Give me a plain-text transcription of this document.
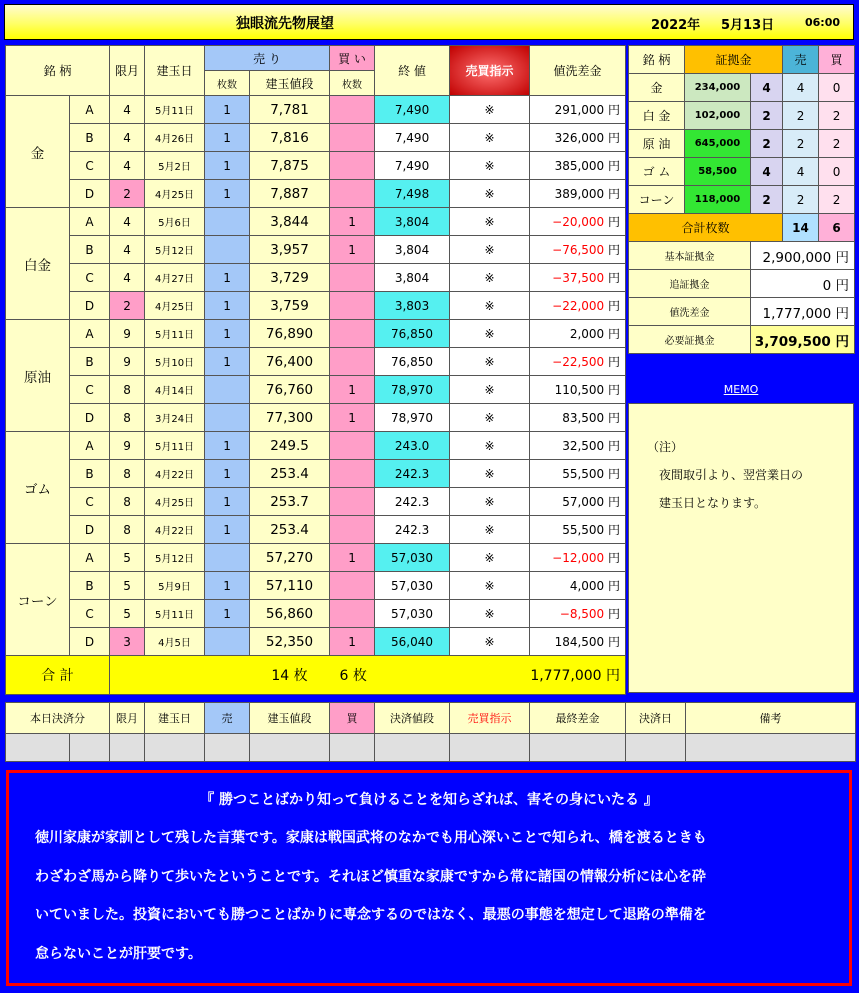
独眼流先物展望	2022年 5月13日	06:00
銘 柄		限月	建玉日	売 り		買 い	終 値	売買指示	値洗差金
				枚数	建玉値段	枚数			
金	A	4	5月11日	1	7,781		7,490	※	291,000 円
	B	4	4月26日	1	7,816		7,490	※	326,000 円
	C	4	5月2日	1	7,875		7,490	※	385,000 円
	D	2	4月25日	1	7,887		7,498	※	389,000 円
白金	A	4	5月6日		3,844	1	3,804	※	−20,000 円
	B	4	5月12日		3,957	1	3,804	※	−76,500 円
	C	4	4月27日	1	3,729		3,804	※	−37,500 円
	D	2	4月25日	1	3,759		3,803	※	−22,000 円
原油	A	9	5月11日	1	76,890		76,850	※	2,000 円
	B	9	5月10日	1	76,400		76,850	※	−22,500 円
	C	8	4月14日		76,760	1	78,970	※	110,500 円
	D	8	3月24日		77,300	1	78,970	※	83,500 円
ゴム	A	9	5月11日	1	249.5		243.0	※	32,500 円
	B	8	4月22日	1	253.4		242.3	※	55,500 円
	C	8	4月25日	1	253.7		242.3	※	57,000 円
	D	8	4月22日	1	253.4		242.3	※	55,500 円
コーン	A	5	5月12日		57,270	1	57,030	※	−12,000 円
	B	5	5月9日	1	57,110		57,030	※	4,000 円
	C	5	5月11日	1	56,860		57,030	※	−8,500 円
	D	3	4月5日		52,350	1	56,040	※	184,500 円
合 計					14 枚	6 枚			1,777,000 円
銘 柄	証拠金		売	買
金	234,000	4	4	0
白 金	102,000	2	2	2
原 油	645,000	2	2	2
ゴ ム	58,500	4	4	0
コーン	118,000	2	2	2
合計枚数			14	6
基本証拠金		2,900,000 円		
追証拠金		0 円		
値洗差金		1,777,000 円		
必要証拠金		3,709,500 円		
MEMO
（注）
夜間取引より、翌営業日の
建玉日となります。
本日決済分		限月	建玉日	売	建玉値段	買	決済値段	売買指示	最終差金	決済日	備考

『 勝つことばかり知って負けることを知らざれば、害その身にいたる 』
徳川家康が家訓として残した言葉です。家康は戦国武将のなかでも用心深いことで知られ、橋を渡るときも
わざわざ馬から降りて歩いたということです。それほど慎重な家康ですから常に諸国の情報分析には心を砕
いていました。投資においても勝つことばかりに専念するのではなく、最悪の事態を想定して退路の準備を
怠らないことが肝要です。
